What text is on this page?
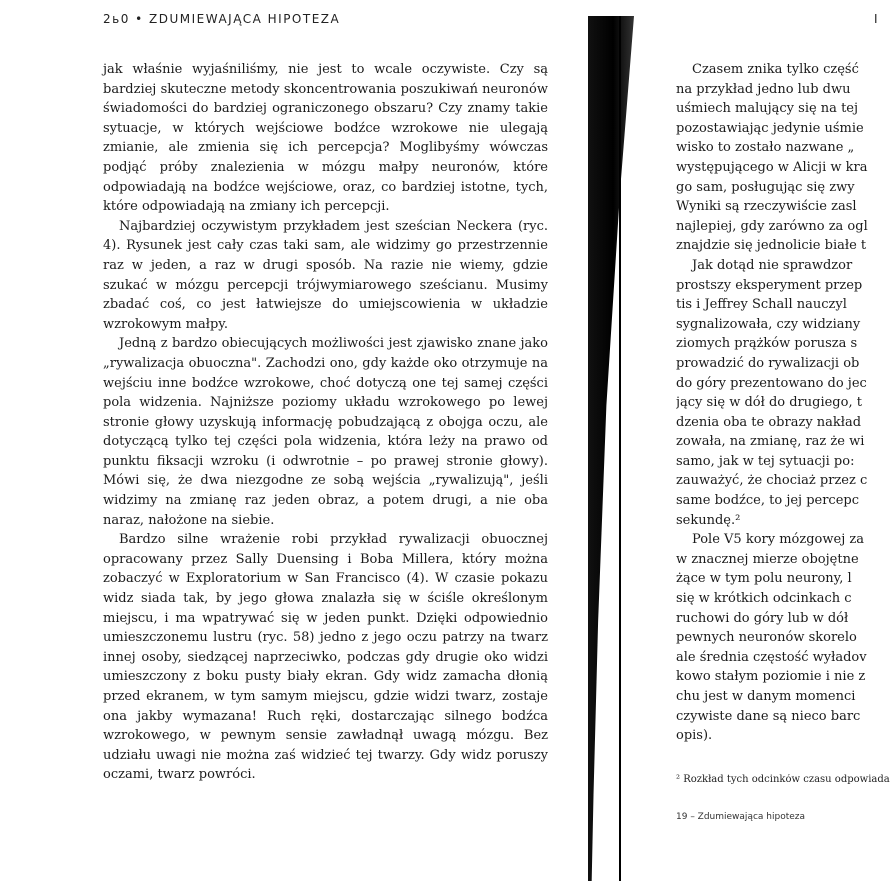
2ь0 • ZDUMIEWAJĄCA HIPOTEZA

jak właśnie wyjaśniliśmy, nie jest to wcale oczywiste. Czy są bardziej skuteczne metody skoncentrowania poszukiwań neuronów świadomości do bardziej ograniczonego obszaru? Czy znamy takie sytuacje, w których wejściowe bodźce wzrokowe nie ulegają zmianie, ale zmienia się ich percepcja? Moglibyśmy wówczas podjąć próby znalezienia w mózgu małpy neuronów, które odpowiadają na bodźce wejściowe, oraz, co bardziej istotne, tych, które odpowiadają na zmiany ich percepcji.

Najbardziej oczywistym przykładem jest sześcian Neckera (ryc. 4). Rysunek jest cały czas taki sam, ale widzimy go przestrzennie raz w jeden, a raz w drugi sposób. Na razie nie wiemy, gdzie szukać w mózgu percepcji trójwymiarowego sześcianu. Musimy zbadać coś, co jest łatwiejsze do umiejscowienia w układzie wzrokowym małpy.

Jedną z bardzo obiecujących możliwości jest zjawisko znane jako „rywalizacja obuoczna". Zachodzi ono, gdy każde oko otrzymuje na wejściu inne bodźce wzrokowe, choć dotyczą one tej samej części pola widzenia. Najniższe poziomy układu wzrokowego po lewej stronie głowy uzyskują informację pobudzającą z obojga oczu, ale dotyczącą tylko tej części pola widzenia, która leży na prawo od punktu fiksacji wzroku (i odwrotnie – po prawej stronie głowy). Mówi się, że dwa niezgodne ze sobą wejścia „rywalizują", jeśli widzimy na zmianę raz jeden obraz, a potem drugi, a nie oba naraz, nałożone na siebie.

Bardzo silne wrażenie robi przykład rywalizacji obuocznej opracowany przez Sally Duensing i Boba Millera, który można zobaczyć w Exploratorium w San Francisco (4). W czasie pokazu widz siada tak, by jego głowa znalazła się w ściśle określonym miejscu, i ma wpatrywać się w jeden punkt. Dzięki odpowiednio umieszczonemu lustru (ryc. 58) jedno z jego oczu patrzy na twarz innej osoby, siedzącej naprzeciwko, podczas gdy drugie oko widzi umieszczony z boku pusty biały ekran. Gdy widz zamacha dłonią przed ekranem, w tym samym miejscu, gdzie widzi twarz, zostaje ona jakby wymazana! Ruch ręki, dostarczając silnego bodźca wzrokowego, w pewnym sensie zawładnął uwagą mózgu. Bez udziału uwagi nie można zaś widzieć tej twarzy. Gdy widz poruszy oczami, twarz powróci.

I
Czasem znika tylko część
na przykład jedno lub dwu
uśmiech malujący się na tej
pozostawiając jedynie uśmie
wisko to zostało nazwane „
występującego w Alicji w kra
go sam, posługując się zwy
Wyniki są rzeczywiście zasl
najlepiej, gdy zarówno za ogl
znajdzie się jednolicie białe t
Jak dotąd nie sprawdzor
prostszy eksperyment przep
tis i Jeffrey Schall nauczyl
sygnalizowała, czy widziany
ziomych prążków porusza s
prowadzić do rywalizacji ob
do góry prezentowano do jec
jący się w dół do drugiego, t
dzenia oba te obrazy nakład
zowała, na zmianę, raz że wi
samo, jak w tej sytuacji po:
zauważyć, że chociaż przez c
same bodźce, to jej percepc
sekundę.²
Pole V5 kory mózgowej za
w znacznej mierze obojętne
żące w tym polu neurony, l
się w krótkich odcinkach c
ruchowi do góry lub w dół
pewnych neuronów skorelo
ale średnia częstość wyładov
kowo stałym poziomie i nie z
chu jest w danym momenci
czywiste dane są nieco barc
opis).
² Rozkład tych odcinków czasu odpowiada
19 – Zdumiewająca hipoteza
